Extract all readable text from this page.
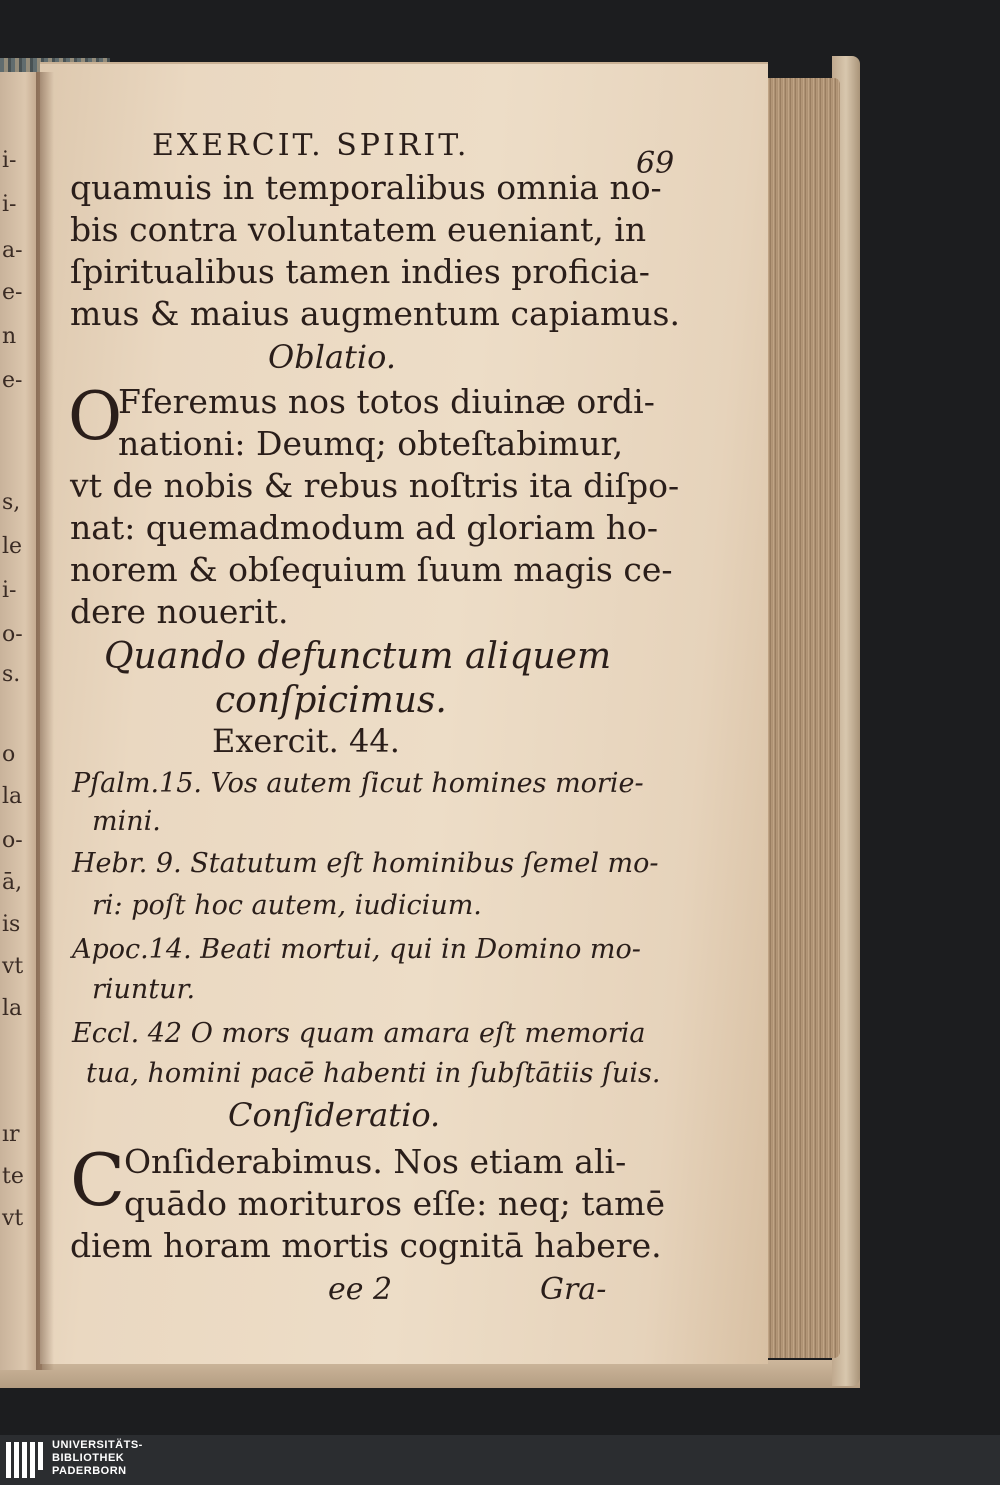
i-
i-
a-
e-
n
e-
s,
le
i-
o-
s.
o
la
o-
ā,
is
vt
la
ır
te
vt
EXERCIT. SPIRIT.
69
quamuis in temporalibus omnia no-
bis contra voluntatem eueniant, in
ſpiritualibus tamen indies proficia-
mus & maius augmentum capiamus.
Oblatio.
O
Fferemus nos totos diuinæ ordi-
nationi: Deumq; obteſtabimur,
vt de nobis & rebus noſtris ita diſpo-
nat: quemadmodum ad gloriam ho-
norem & obſequium ſuum magis ce-
dere nouerit.
Quando defunctum aliquem
conſpicimus.
Exercit. 44.
Pſalm.15. Vos autem ſicut homines morie-
mini.
Hebr. 9. Statutum eſt hominibus ſemel mo-
ri: poſt hoc autem, iudicium.
Apoc.14. Beati mortui, qui in Domino mo-
riuntur.
Eccl. 42 O mors quam amara eſt memoria
tua, homini pacē habenti in ſubſtātiis ſuis.
Conſideratio.
C
Onſiderabimus. Nos etiam ali-
quādo morituros eſſe: neq; tamē
diem horam mortis cognitā habere.
ee 2	Gra-
UNIVERSITÄTS-
BIBLIOTHEK
PADERBORN
